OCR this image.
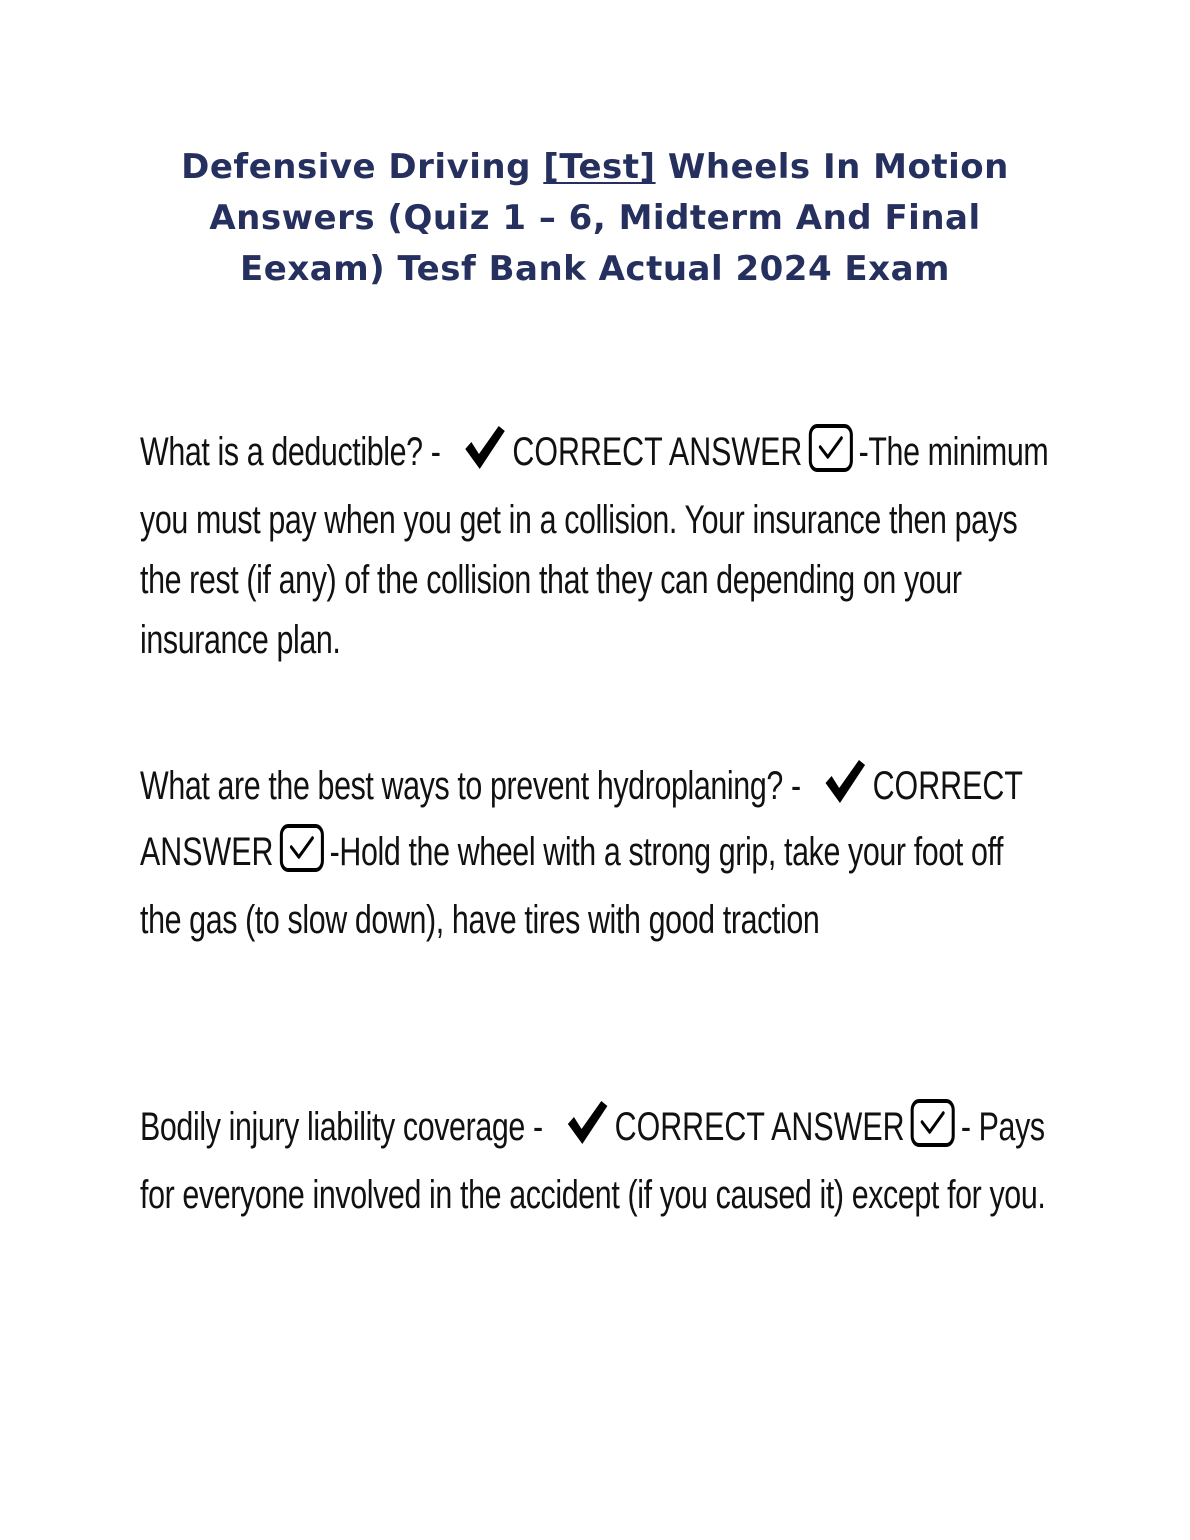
Defensive Driving [Test] Wheels In Motion Answers (Quiz 1 – 6, Midterm And Final Eexam) Tesf Bank Actual 2024 Exam
What is a deductible? - CORRECT ANSWER -The minimum you must pay when you get in a collision. Your insurance then pays the rest (if any) of the collision that they can depending on your insurance plan.
What are the best ways to prevent hydroplaning? - CORRECT ANSWER -Hold the wheel with a strong grip, take your foot off the gas (to slow down), have tires with good traction
Bodily injury liability coverage - CORRECT ANSWER - Pays for everyone involved in the accident (if you caused it) except for you.
